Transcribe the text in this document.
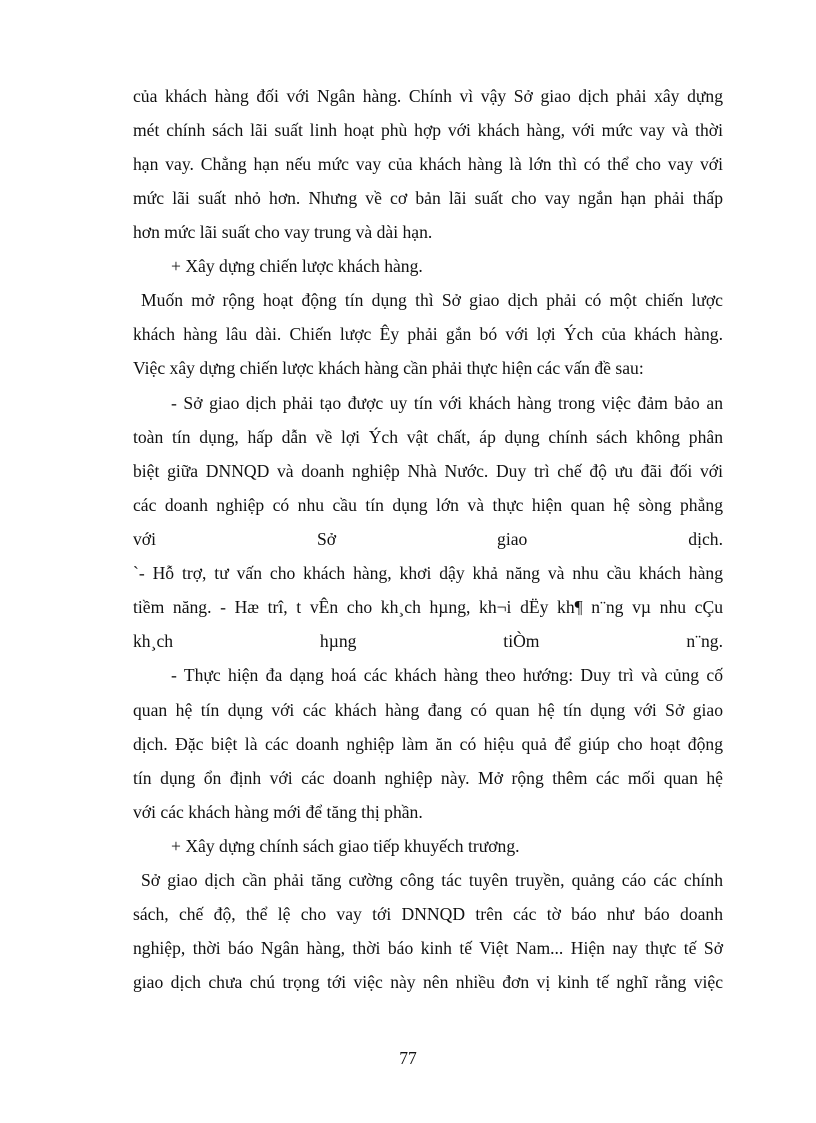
của khách hàng đối với Ngân hàng. Chính vì vậy Sở giao dịch phải xây dựng
mét chính sách lãi suất linh hoạt phù hợp với khách hàng, với mức vay và thời
hạn vay. Chẳng hạn nếu mức vay của khách hàng là lớn thì có thể cho vay với
mức lãi suất nhỏ hơn. Nhưng về cơ bản lãi suất cho vay ngắn hạn phải thấp
hơn mức lãi suất cho vay trung và dài hạn.
+ Xây dựng chiến lược khách hàng.
Muốn mở rộng hoạt động tín dụng thì Sở giao dịch phải có một chiến lược
khách hàng lâu dài. Chiến lược Êy phải gắn bó với lợi Ých của khách hàng.
Việc xây dựng chiến lược khách hàng cần phải thực hiện các vấn đề sau:
- Sở giao dịch phải tạo được uy tín với khách hàng trong việc đảm bảo an
toàn tín dụng, hấp dẫn về lợi Ých vật chất, áp dụng chính sách không phân
biệt giữa DNNQD và doanh nghiệp Nhà Nước. Duy trì chế độ ưu đãi đối với
các doanh nghiệp có nhu cầu tín dụng lớn và thực hiện quan hệ sòng phẳng
với Sở giao dịch.
`- Hỗ trợ, tư vấn cho khách hàng, khơi dậy khả năng và nhu cầu khách hàng
tiềm năng. - Hæ trî, t vÊn cho kh¸ch hµng, kh¬i dËy kh¶ n¨ng vµ nhu cÇu
kh¸ch hµng tiÒm n¨ng.
- Thực hiện đa dạng hoá các khách hàng theo hướng: Duy trì và củng cố
quan hệ tín dụng với các khách hàng đang có quan hệ tín dụng với Sở giao
dịch. Đặc biệt là các doanh nghiệp làm ăn có hiệu quả để giúp cho hoạt động
tín dụng ổn định với các doanh nghiệp này. Mở rộng thêm các mối quan hệ
với các khách hàng mới để tăng thị phần.
+ Xây dựng chính sách giao tiếp khuyếch trương.
Sở giao dịch cần phải tăng cường công tác tuyên truyền, quảng cáo các chính
sách, chế độ, thể lệ cho vay tới DNNQD trên các tờ báo như báo doanh
nghiệp, thời báo Ngân hàng, thời báo kinh tế Việt Nam... Hiện nay thực tế Sở
giao dịch chưa chú trọng tới việc này nên nhiều đơn vị kinh tế nghĩ rằng việc
77
